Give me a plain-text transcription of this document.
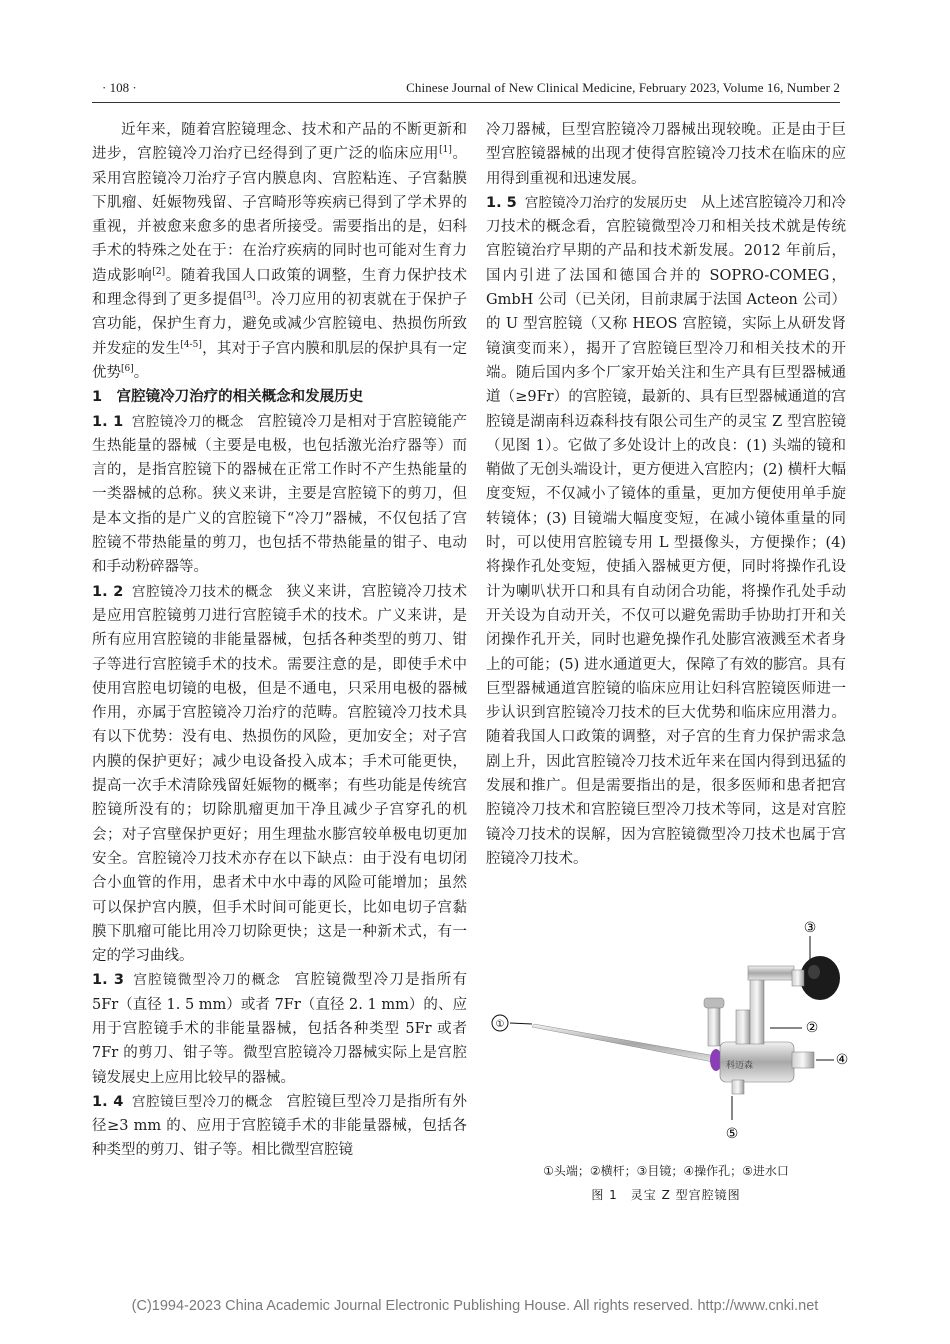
· 108 ·	Chinese Journal of New Clinical Medicine, February 2023, Volume 16, Number 2

近年来，随着宫腔镜理念、技术和产品的不断更新和进步，宫腔镜冷刀治疗已经得到了更广泛的临床应用[1]。采用宫腔镜冷刀治疗子宫内膜息肉、宫腔粘连、子宫黏膜下肌瘤、妊娠物残留、子宫畸形等疾病已得到了学术界的重视，并被愈来愈多的患者所接受。需要指出的是，妇科手术的特殊之处在于：在治疗疾病的同时也可能对生育力造成影响[2]。随着我国人口政策的调整，生育力保护技术和理念得到了更多提倡[3]。冷刀应用的初衷就在于保护子宫功能，保护生育力，避免或减少宫腔镜电、热损伤所致并发症的发生[4-5]，其对于子宫内膜和肌层的保护具有一定优势[6]。

1　宫腔镜冷刀治疗的相关概念和发展历史

1. 1 宫腔镜冷刀的概念 宫腔镜冷刀是相对于宫腔镜能产生热能量的器械（主要是电极，也包括激光治疗器等）而言的，是指宫腔镜下的器械在正常工作时不产生热能量的一类器械的总称。狭义来讲，主要是宫腔镜下的剪刀，但是本文指的是广义的宫腔镜下“冷刀”器械，不仅包括了宫腔镜不带热能量的剪刀，也包括不带热能量的钳子、电动和手动粉碎器等。

1. 2 宫腔镜冷刀技术的概念 狭义来讲，宫腔镜冷刀技术是应用宫腔镜剪刀进行宫腔镜手术的技术。广义来讲，是所有应用宫腔镜的非能量器械，包括各种类型的剪刀、钳子等进行宫腔镜手术的技术。需要注意的是，即使手术中使用宫腔电切镜的电极，但是不通电，只采用电极的器械作用，亦属于宫腔镜冷刀治疗的范畴。宫腔镜冷刀技术具有以下优势：没有电、热损伤的风险，更加安全；对子宫内膜的保护更好；减少电设备投入成本；手术可能更快，提高一次手术清除残留妊娠物的概率；有些功能是传统宫腔镜所没有的；切除肌瘤更加干净且减少子宫穿孔的机会；对子宫壁保护更好；用生理盐水膨宫较单极电切更加安全。宫腔镜冷刀技术亦存在以下缺点：由于没有电切闭合小血管的作用，患者术中水中毒的风险可能增加；虽然可以保护宫内膜，但手术时间可能更长，比如电切子宫黏膜下肌瘤可能比用冷刀切除更快；这是一种新术式，有一定的学习曲线。

1. 3 宫腔镜微型冷刀的概念 宫腔镜微型冷刀是指所有 5Fr（直径 1. 5 mm）或者 7Fr（直径 2. 1 mm）的、应用于宫腔镜手术的非能量器械，包括各种类型 5Fr 或者 7Fr 的剪刀、钳子等。微型宫腔镜冷刀器械实际上是宫腔镜发展史上应用比较早的器械。

1. 4 宫腔镜巨型冷刀的概念 宫腔镜巨型冷刀是指所有外径≥3 mm 的、应用于宫腔镜手术的非能量器械，包括各种类型的剪刀、钳子等。相比微型宫腔镜

冷刀器械，巨型宫腔镜冷刀器械出现较晚。正是由于巨型宫腔镜器械的出现才使得宫腔镜冷刀技术在临床的应用得到重视和迅速发展。

1. 5 宫腔镜冷刀治疗的发展历史 从上述宫腔镜冷刀和冷刀技术的概念看，宫腔镜微型冷刀和相关技术就是传统宫腔镜治疗早期的产品和技术新发展。2012 年前后，国内引进了法国和德国合并的 SOPRO-COMEG，GmbH 公司（已关闭，目前隶属于法国 Acteon 公司）的 U 型宫腔镜（又称 HEOS 宫腔镜，实际上从研发肾镜演变而来），揭开了宫腔镜巨型冷刀和相关技术的开端。随后国内多个厂家开始关注和生产具有巨型器械通道（≥9Fr）的宫腔镜，最新的、具有巨型器械通道的宫腔镜是湖南科迈森科技有限公司生产的灵宝 Z 型宫腔镜（见图 1）。它做了多处设计上的改良：(1) 头端的镜和鞘做了无创头端设计，更方便进入宫腔内；(2) 横杆大幅度变短，不仅减小了镜体的重量，更加方便使用单手旋转镜体；(3) 目镜端大幅度变短，在减小镜体重量的同时，可以使用宫腔镜专用 L 型摄像头，方便操作；(4) 将操作孔处变短，使插入器械更方便，同时将操作孔设计为喇叭状开口和具有自动闭合功能，将操作孔处手动开关设为自动开关，不仅可以避免需助手协助打开和关闭操作孔开关，同时也避免操作孔处膨宫液溅至术者身上的可能；(5) 进水通道更大，保障了有效的膨宫。具有巨型器械通道宫腔镜的临床应用让妇科宫腔镜医师进一步认识到宫腔镜冷刀技术的巨大优势和临床应用潜力。随着我国人口政策的调整，对子宫的生育力保护需求急剧上升，因此宫腔镜冷刀技术近年来在国内得到迅猛的发展和推广。但是需要指出的是，很多医师和患者把宫腔镜冷刀技术和宫腔镜巨型冷刀技术等同，这是对宫腔镜冷刀技术的误解，因为宫腔镜微型冷刀技术也属于宫腔镜冷刀技术。

科迈森
①	②
③
④
⑤
①头端；②横杆；③目镜；④操作孔；⑤进水口
图 1　灵宝 Z 型宫腔镜图
(C)1994-2023 China Academic Journal Electronic Publishing House. All rights reserved. http://www.cnki.net
